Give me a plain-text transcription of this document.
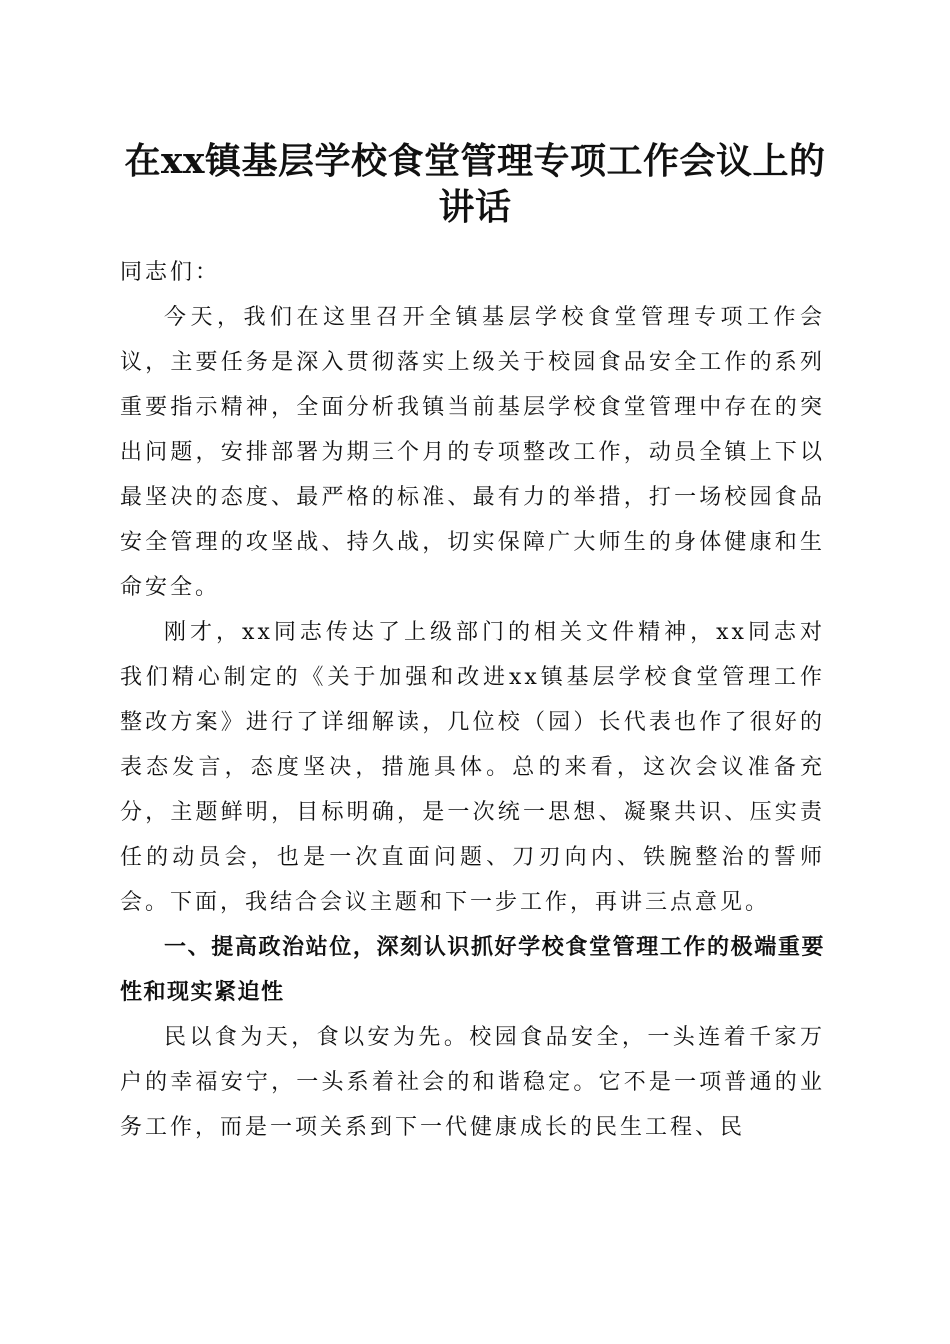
在xx镇基层学校食堂管理专项工作会议上的讲话

同志们：

今天，我们在这里召开全镇基层学校食堂管理专项工作会议，主要任务是深入贯彻落实上级关于校园食品安全工作的系列重要指示精神，全面分析我镇当前基层学校食堂管理中存在的突出问题，安排部署为期三个月的专项整改工作，动员全镇上下以最坚决的态度、最严格的标准、最有力的举措，打一场校园食品安全管理的攻坚战、持久战，切实保障广大师生的身体健康和生命安全。

刚才，xx同志传达了上级部门的相关文件精神，xx同志对我们精心制定的《关于加强和改进xx镇基层学校食堂管理工作整改方案》进行了详细解读，几位校（园）长代表也作了很好的表态发言，态度坚决，措施具体。总的来看，这次会议准备充分，主题鲜明，目标明确，是一次统一思想、凝聚共识、压实责任的动员会，也是一次直面问题、刀刃向内、铁腕整治的誓师会。下面，我结合会议主题和下一步工作，再讲三点意见。

一、提高政治站位，深刻认识抓好学校食堂管理工作的极端重要性和现实紧迫性

民以食为天，食以安为先。校园食品安全，一头连着千家万户的幸福安宁，一头系着社会的和谐稳定。它不是一项普通的业务工作，而是一项关系到下一代健康成长的民生工程、民
